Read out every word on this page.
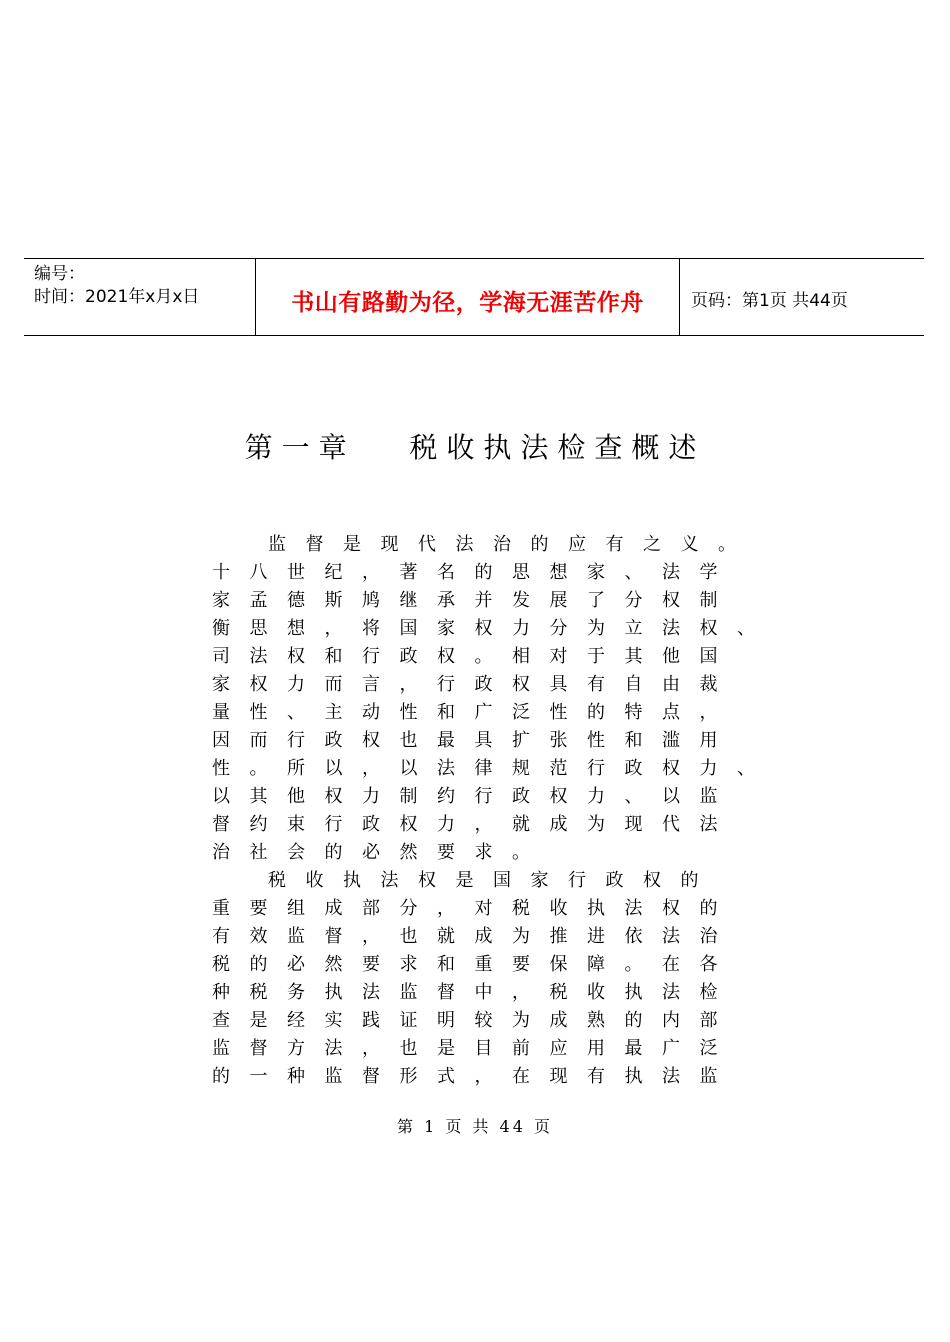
编号：
时间：2021年x月x日	书山有路勤为径，学海无涯苦作舟	页码：第1页 共44页
第一章   税收执法检查概述
监	督	是	现	代	法	治	的	应	有	之	义	。
十	八	世	纪	，	著	名	的	思	想	家	、	法	学
家	孟	德	斯	鸠	继	承	并	发	展	了	分	权	制
衡	思	想	，	将	国	家	权	力	分	为	立	法	权	、
司	法	权	和	行	政	权	。	相	对	于	其	他	国
家	权	力	而	言	，	行	政	权	具	有	自	由	裁
量	性	、	主	动	性	和	广	泛	性	的	特	点	，
因	而	行	政	权	也	最	具	扩	张	性	和	滥	用
性	。	所	以	，	以	法	律	规	范	行	政	权	力	、
以	其	他	权	力	制	约	行	政	权	力	、	以	监
督	约	束	行	政	权	力	，	就	成	为	现	代	法
治	社	会	的	必	然	要	求	。
税	收	执	法	权	是	国	家	行	政	权	的
重	要	组	成	部	分	，	对	税	收	执	法	权	的
有	效	监	督	，	也	就	成	为	推	进	依	法	治
税	的	必	然	要	求	和	重	要	保	障	。	在	各
种	税	务	执	法	监	督	中	，	税	收	执	法	检
查	是	经	实	践	证	明	较	为	成	熟	的	内	部
监	督	方	法	，	也	是	目	前	应	用	最	广	泛
的	一	种	监	督	形	式	，	在	现	有	执	法	监
第 1 页 共 44 页
